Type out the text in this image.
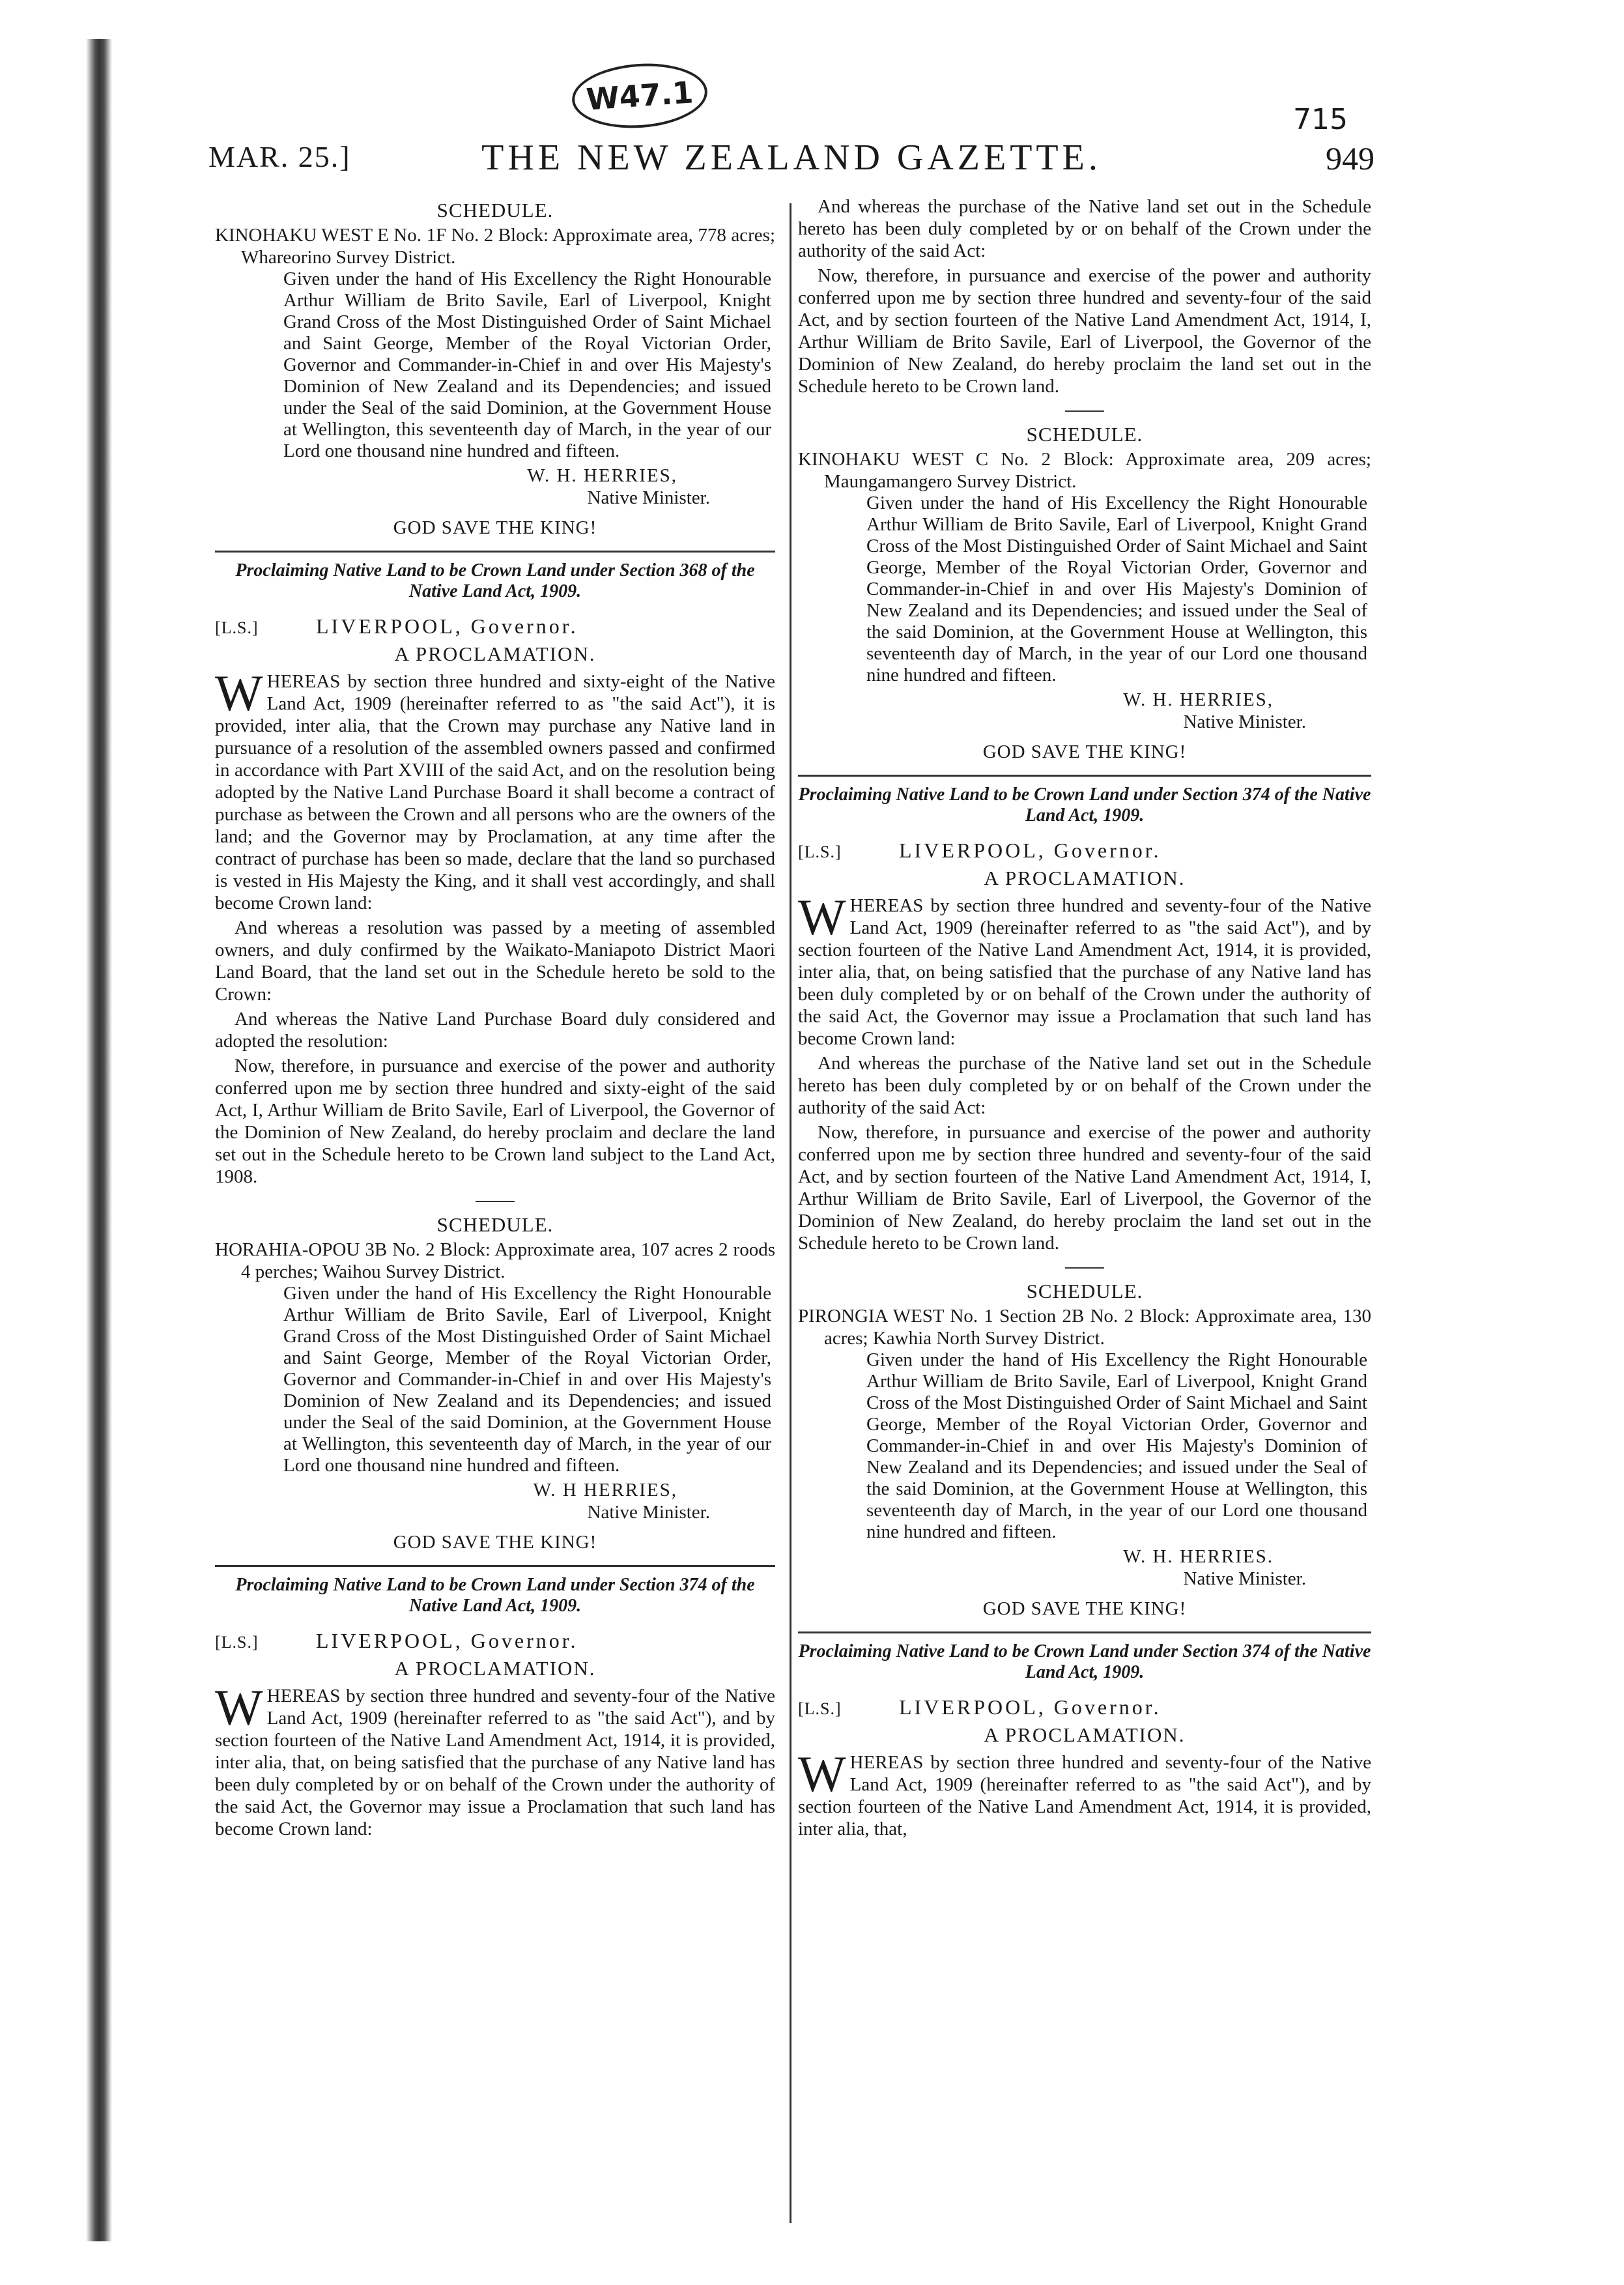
W47.1
715
MAR. 25.]	THE NEW ZEALAND GAZETTE.	949
SCHEDULE.
KINOHAKU WEST E No. 1F No. 2 Block: Approximate area, 778 acres; Whareorino Survey District.
Given under the hand of His Excellency the Right Honourable Arthur William de Brito Savile, Earl of Liverpool, Knight Grand Cross of the Most Distinguished Order of Saint Michael and Saint George, Member of the Royal Victorian Order, Governor and Commander-in-Chief in and over His Majesty's Dominion of New Zealand and its Dependencies; and issued under the Seal of the said Dominion, at the Government House at Wellington, this seventeenth day of March, in the year of our Lord one thousand nine hundred and fifteen.
W. H. HERRIES,
Native Minister.
GOD SAVE THE KING!
Proclaiming Native Land to be Crown Land under Section 368 of the Native Land Act, 1909.
[L.S.]	LIVERPOOL, Governor.
A PROCLAMATION.

WHEREAS by section three hundred and sixty-eight of the Native Land Act, 1909 (hereinafter referred to as "the said Act"), it is provided, inter alia, that the Crown may purchase any Native land in pursuance of a resolution of the assembled owners passed and confirmed in accordance with Part XVIII of the said Act, and on the resolution being adopted by the Native Land Purchase Board it shall become a contract of purchase as between the Crown and all persons who are the owners of the land; and the Governor may by Proclamation, at any time after the contract of purchase has been so made, declare that the land so purchased is vested in His Majesty the King, and it shall vest accordingly, and shall become Crown land:

And whereas a resolution was passed by a meeting of assembled owners, and duly confirmed by the Waikato-Maniapoto District Maori Land Board, that the land set out in the Schedule hereto be sold to the Crown:

And whereas the Native Land Purchase Board duly considered and adopted the resolution:

Now, therefore, in pursuance and exercise of the power and authority conferred upon me by section three hundred and sixty-eight of the said Act, I, Arthur William de Brito Savile, Earl of Liverpool, the Governor of the Dominion of New Zealand, do hereby proclaim and declare the land set out in the Schedule hereto to be Crown land subject to the Land Act, 1908.

SCHEDULE.
HORAHIA-OPOU 3B No. 2 Block: Approximate area, 107 acres 2 roods 4 perches; Waihou Survey District.
Given under the hand of His Excellency the Right Honourable Arthur William de Brito Savile, Earl of Liverpool, Knight Grand Cross of the Most Distinguished Order of Saint Michael and Saint George, Member of the Royal Victorian Order, Governor and Commander-in-Chief in and over His Majesty's Dominion of New Zealand and its Dependencies; and issued under the Seal of the said Dominion, at the Government House at Wellington, this seventeenth day of March, in the year of our Lord one thousand nine hundred and fifteen.
W. H HERRIES,
Native Minister.
GOD SAVE THE KING!
Proclaiming Native Land to be Crown Land under Section 374 of the Native Land Act, 1909.
[L.S.]	LIVERPOOL, Governor.
A PROCLAMATION.

WHEREAS by section three hundred and seventy-four of the Native Land Act, 1909 (hereinafter referred to as "the said Act"), and by section fourteen of the Native Land Amendment Act, 1914, it is provided, inter alia, that, on being satisfied that the purchase of any Native land has been duly completed by or on behalf of the Crown under the authority of the said Act, the Governor may issue a Proclamation that such land has become Crown land:

And whereas the purchase of the Native land set out in the Schedule hereto has been duly completed by or on behalf of the Crown under the authority of the said Act:

Now, therefore, in pursuance and exercise of the power and authority conferred upon me by section three hundred and seventy-four of the said Act, and by section fourteen of the Native Land Amendment Act, 1914, I, Arthur William de Brito Savile, Earl of Liverpool, the Governor of the Dominion of New Zealand, do hereby proclaim the land set out in the Schedule hereto to be Crown land.

SCHEDULE.
KINOHAKU WEST C No. 2 Block: Approximate area, 209 acres; Maungamangero Survey District.
Given under the hand of His Excellency the Right Honourable Arthur William de Brito Savile, Earl of Liverpool, Knight Grand Cross of the Most Distinguished Order of Saint Michael and Saint George, Member of the Royal Victorian Order, Governor and Commander-in-Chief in and over His Majesty's Dominion of New Zealand and its Dependencies; and issued under the Seal of the said Dominion, at the Government House at Wellington, this seventeenth day of March, in the year of our Lord one thousand nine hundred and fifteen.
W. H. HERRIES,
Native Minister.
GOD SAVE THE KING!
Proclaiming Native Land to be Crown Land under Section 374 of the Native Land Act, 1909.
[L.S.]	LIVERPOOL, Governor.
A PROCLAMATION.

WHEREAS by section three hundred and seventy-four of the Native Land Act, 1909 (hereinafter referred to as "the said Act"), and by section fourteen of the Native Land Amendment Act, 1914, it is provided, inter alia, that, on being satisfied that the purchase of any Native land has been duly completed by or on behalf of the Crown under the authority of the said Act, the Governor may issue a Proclamation that such land has become Crown land:

And whereas the purchase of the Native land set out in the Schedule hereto has been duly completed by or on behalf of the Crown under the authority of the said Act:

Now, therefore, in pursuance and exercise of the power and authority conferred upon me by section three hundred and seventy-four of the said Act, and by section fourteen of the Native Land Amendment Act, 1914, I, Arthur William de Brito Savile, Earl of Liverpool, the Governor of the Dominion of New Zealand, do hereby proclaim the land set out in the Schedule hereto to be Crown land.

SCHEDULE.
PIRONGIA WEST No. 1 Section 2B No. 2 Block: Approximate area, 130 acres; Kawhia North Survey District.
Given under the hand of His Excellency the Right Honourable Arthur William de Brito Savile, Earl of Liverpool, Knight Grand Cross of the Most Distinguished Order of Saint Michael and Saint George, Member of the Royal Victorian Order, Governor and Commander-in-Chief in and over His Majesty's Dominion of New Zealand and its Dependencies; and issued under the Seal of the said Dominion, at the Government House at Wellington, this seventeenth day of March, in the year of our Lord one thousand nine hundred and fifteen.
W. H. HERRIES.
Native Minister.
GOD SAVE THE KING!
Proclaiming Native Land to be Crown Land under Section 374 of the Native Land Act, 1909.
[L.S.]	LIVERPOOL, Governor.
A PROCLAMATION.

WHEREAS by section three hundred and seventy-four of the Native Land Act, 1909 (hereinafter referred to as "the said Act"), and by section fourteen of the Native Land Amendment Act, 1914, it is provided, inter alia, that,
